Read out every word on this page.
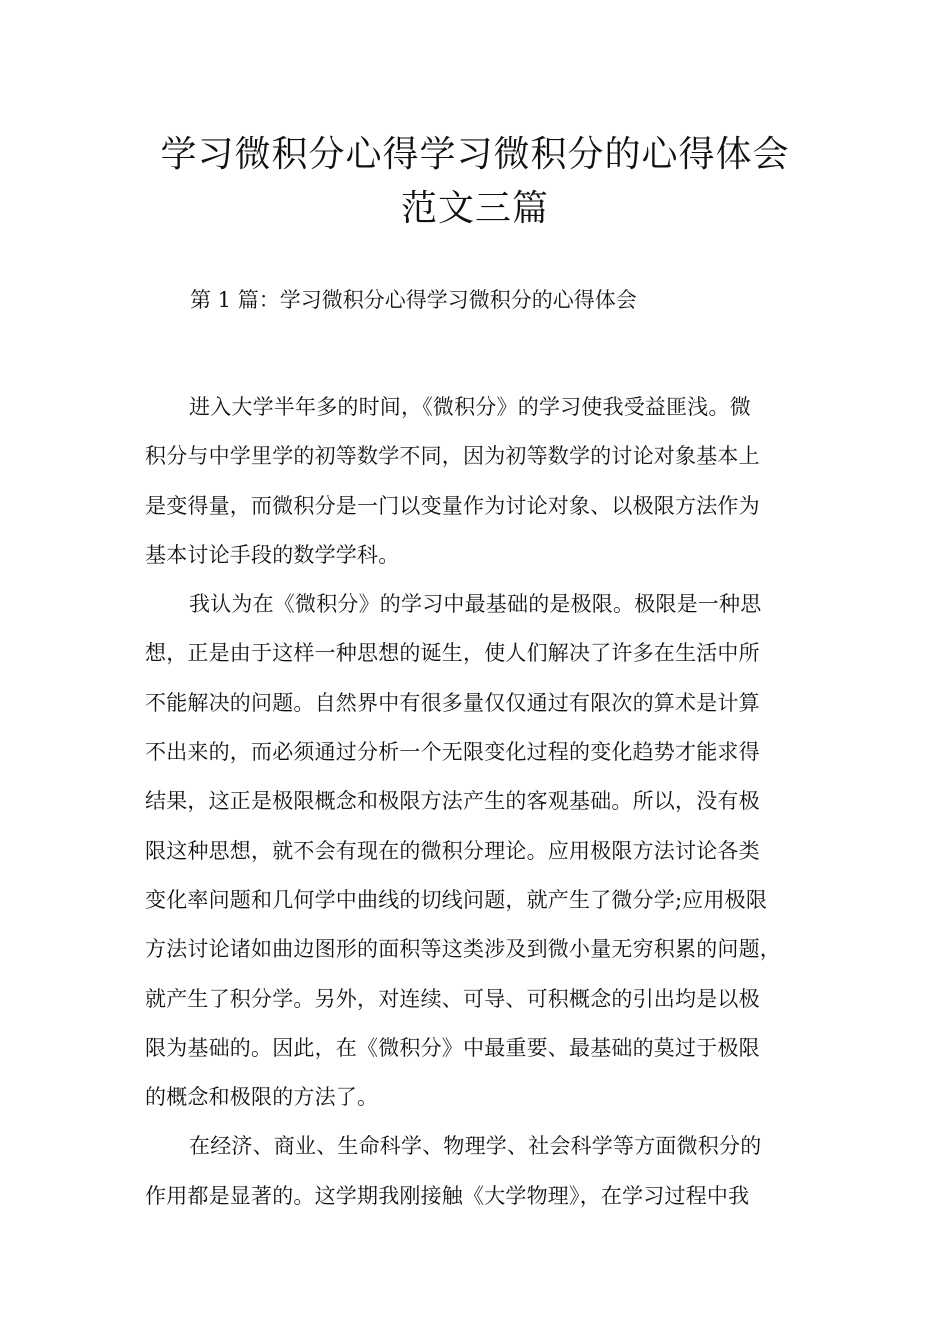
学习微积分心得学习微积分的心得体会
范文三篇
第 1 篇：学习微积分心得学习微积分的心得体会
进入大学半年多的时间，《微积分》的学习使我受益匪浅。微
积分与中学里学的初等数学不同，因为初等数学的讨论对象基本上
是变得量，而微积分是一门以变量作为讨论对象、以极限方法作为
基本讨论手段的数学学科。
我认为在《微积分》的学习中最基础的是极限。极限是一种思
想，正是由于这样一种思想的诞生，使人们解决了许多在生活中所
不能解决的问题。自然界中有很多量仅仅通过有限次的算术是计算
不出来的，而必须通过分析一个无限变化过程的变化趋势才能求得
结果，这正是极限概念和极限方法产生的客观基础。所以，没有极
限这种思想，就不会有现在的微积分理论。应用极限方法讨论各类
变化率问题和几何学中曲线的切线问题，就产生了微分学;应用极限
方法讨论诸如曲边图形的面积等这类涉及到微小量无穷积累的问题，
就产生了积分学。另外，对连续、可导、可积概念的引出均是以极
限为基础的。因此，在《微积分》中最重要、最基础的莫过于极限
的概念和极限的方法了。
在经济、商业、生命科学、物理学、社会科学等方面微积分的
作用都是显著的。这学期我刚接触《大学物理》，在学习过程中我
